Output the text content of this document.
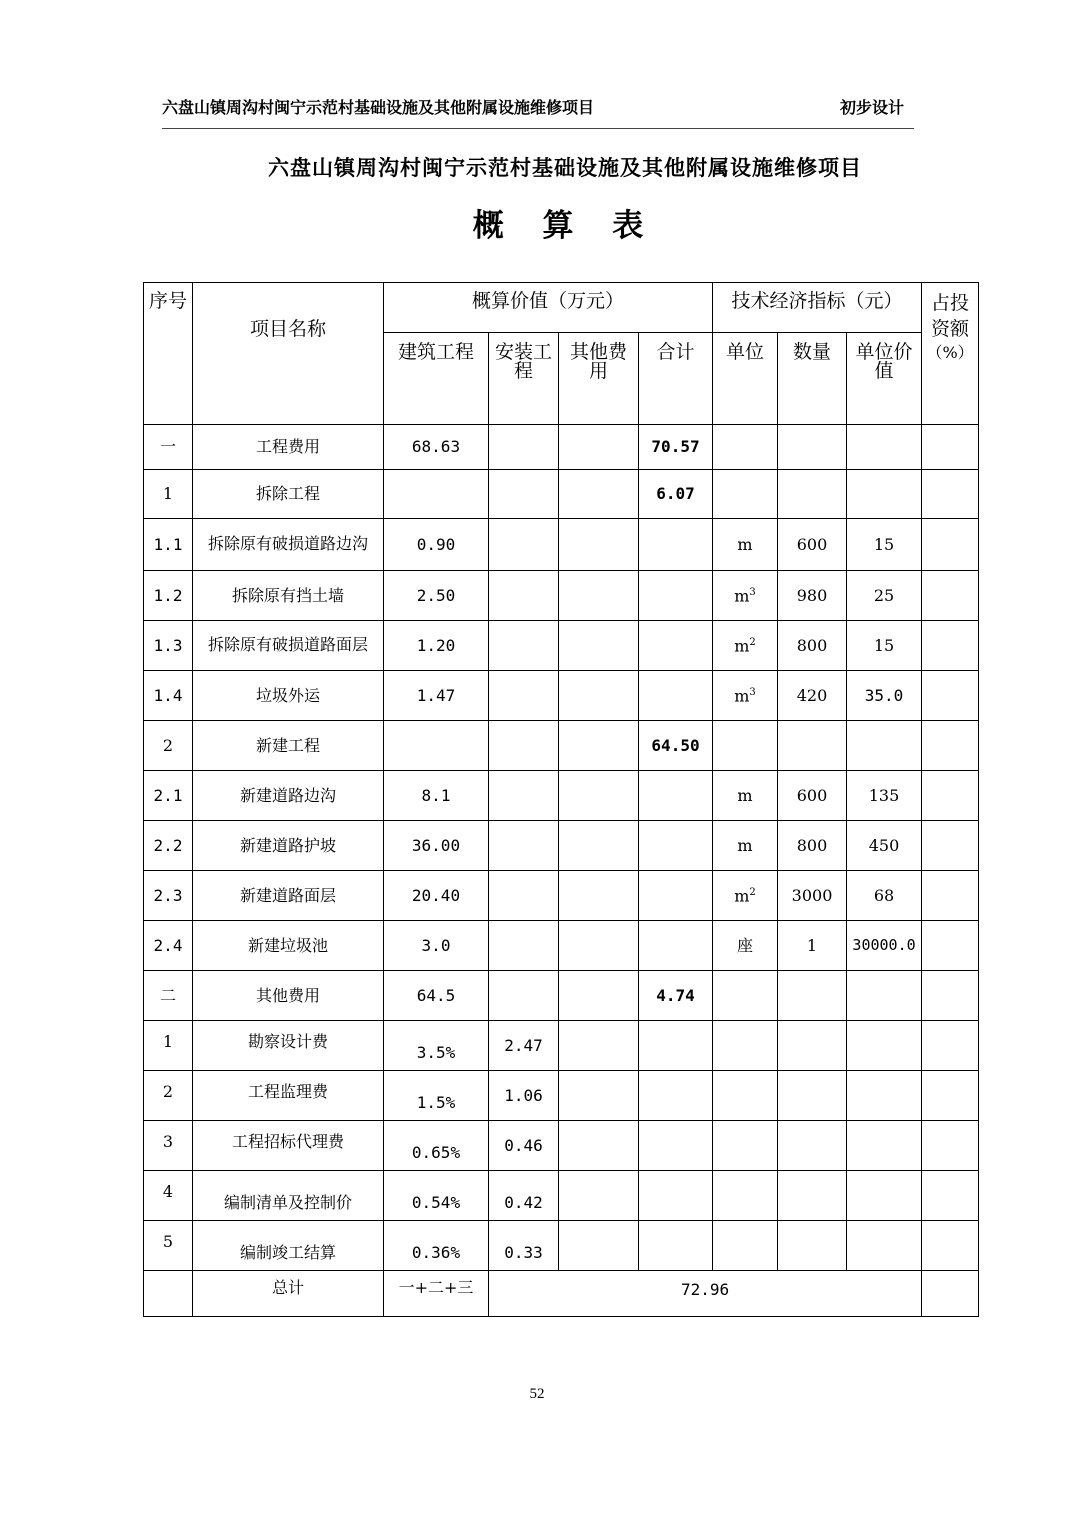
六盘山镇周沟村闽宁示范村基础设施及其他附属设施维修项目	初步设计
六盘山镇周沟村闽宁示范村基础设施及其他附属设施维修项目
概 算 表
序号	项目名称	概算价值（万元）				技术经济指标（元）			占投资额
（%）

		建筑工程	安装工程	其他费用	合计	单位	数量	单位价值	

一	工程费用	68.63			70.57				
1	拆除工程				6.07				
1.1	拆除原有破损道路边沟	0.90				m	600	15	
1.2	拆除原有挡土墙	2.50				$m^3$	980	25	
1.3	拆除原有破损道路面层	1.20				$m^2$	800	15	
1.4	垃圾外运	1.47				$m^3$	420	35.0	
2	新建工程				64.50				
2.1	新建道路边沟	8.1				m	600	135	
2.2	新建道路护坡	36.00				m	800	450	
2.3	新建道路面层	20.40				$m^2$	3000	68	
2.4	新建垃圾池	3.0				座	1	30000.0	
二	其他费用	64.5			4.74				
1	勘察设计费	3.5%	2.47						
2	工程监理费	1.5%	1.06						
3	工程招标代理费	0.65%	0.46						
4	编制清单及控制价	0.54%	0.42						
5	编制竣工结算	0.36%	0.33						
	总计	一+二+三	72.96						
52
